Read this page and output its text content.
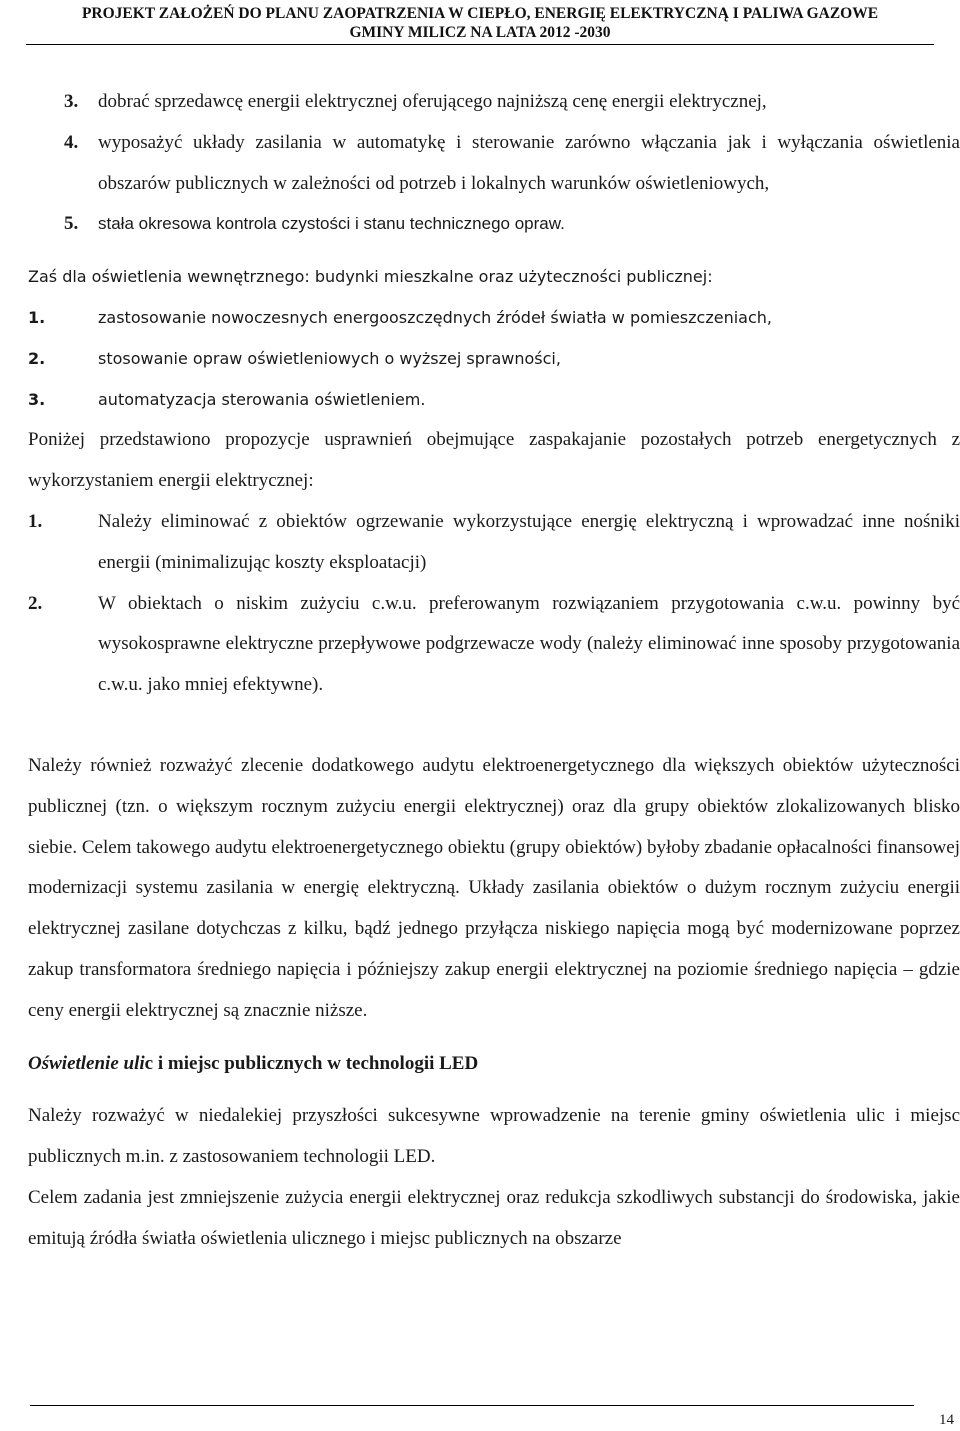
PROJEKT ZAŁOŻEŃ DO PLANU ZAOPATRZENIA W CIEPŁO, ENERGIĘ ELEKTRYCZNĄ I PALIWA GAZOWE
GMINY MILICZ NA LATA 2012 -2030
3. dobrać sprzedawcę energii elektrycznej oferującego najniższą cenę energii elektrycznej,
4. wyposażyć układy zasilania w automatykę i sterowanie zarówno włączania jak i wyłączania oświetlenia obszarów publicznych w zależności od potrzeb i lokalnych warunków oświetleniowych,
5. stała okresowa kontrola czystości i stanu technicznego opraw.
Zaś dla oświetlenia wewnętrznego: budynki mieszkalne oraz użyteczności publicznej:
1.	zastosowanie nowoczesnych energooszczędnych źródeł światła w pomieszczeniach,
2.	stosowanie opraw oświetleniowych o wyższej sprawności,
3.	automatyzacja sterowania oświetleniem.
Poniżej przedstawiono propozycje usprawnień obejmujące zaspakajanie pozostałych potrzeb energetycznych z wykorzystaniem energii elektrycznej:
1.	Należy eliminować z obiektów ogrzewanie wykorzystujące energię elektryczną i wprowadzać inne nośniki energii (minimalizując koszty eksploatacji)
2.	W obiektach o niskim zużyciu c.w.u. preferowanym rozwiązaniem przygotowania c.w.u. powinny być wysokosprawne elektryczne przepływowe podgrzewacze wody (należy eliminować inne sposoby przygotowania c.w.u. jako mniej efektywne).
Należy również rozważyć zlecenie dodatkowego audytu elektroenergetycznego dla większych obiektów użyteczności publicznej (tzn. o większym rocznym zużyciu energii elektrycznej) oraz dla grupy obiektów zlokalizowanych blisko siebie. Celem takowego audytu elektroenergetycznego obiektu (grupy obiektów) byłoby zbadanie opłacalności finansowej modernizacji systemu zasilania w energię elektryczną. Układy zasilania obiektów o dużym rocznym zużyciu energii elektrycznej zasilane dotychczas z kilku, bądź jednego przyłącza niskiego napięcia mogą być modernizowane poprzez zakup transformatora średniego napięcia i późniejszy zakup energii elektrycznej na poziomie średniego napięcia – gdzie ceny energii elektrycznej są znacznie niższe.
Oświetlenie ulic i miejsc publicznych w technologii LED
Należy rozważyć w niedalekiej przyszłości sukcesywne wprowadzenie na terenie gminy oświetlenia ulic i miejsc publicznych m.in. z zastosowaniem technologii LED.
Celem zadania jest zmniejszenie zużycia energii elektrycznej oraz redukcja szkodliwych substancji do środowiska, jakie emitują źródła światła oświetlenia ulicznego i miejsc publicznych na obszarze
14
